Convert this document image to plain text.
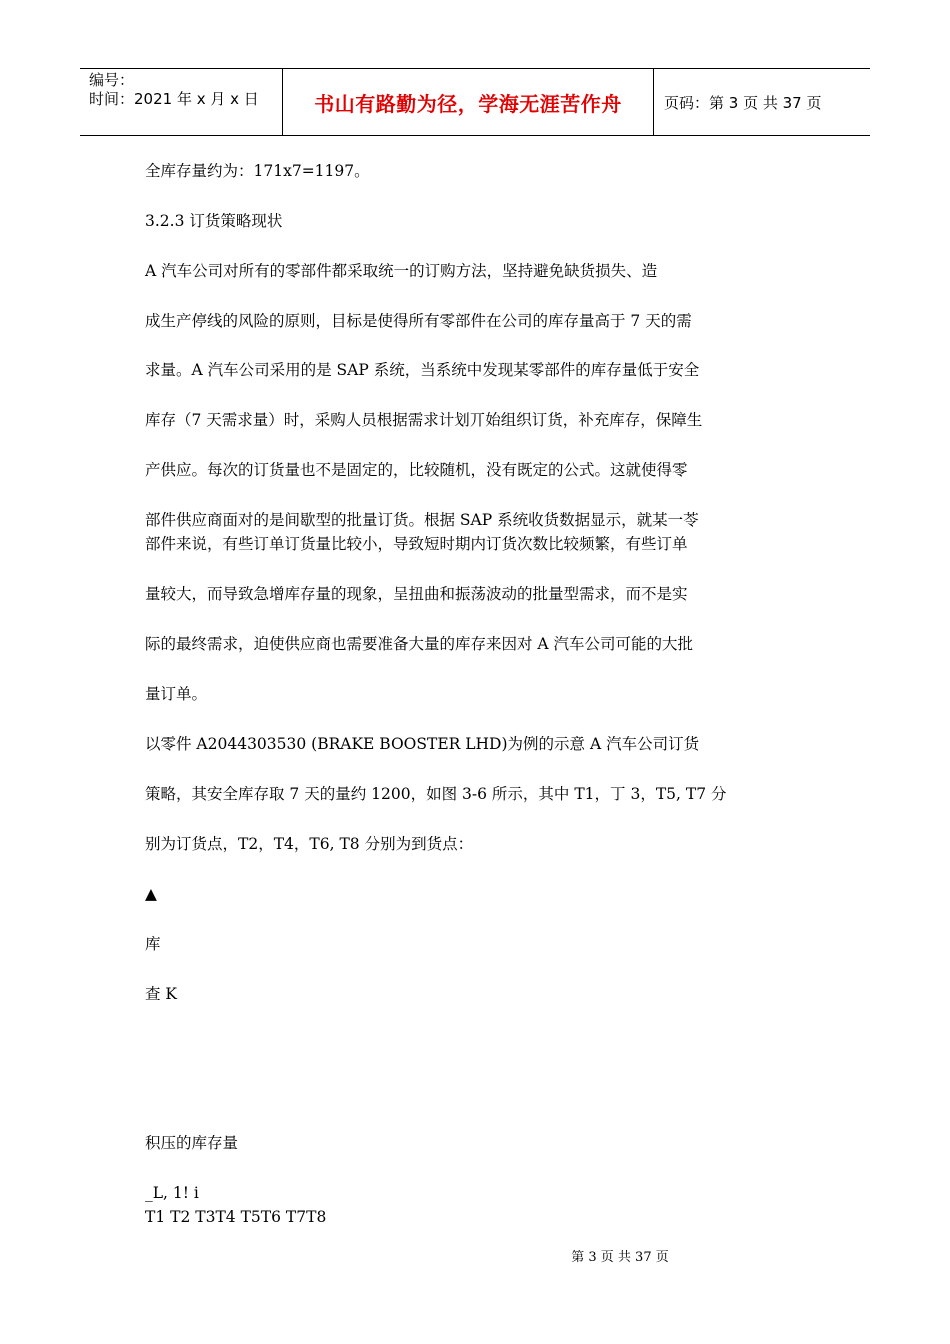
编号：
时间：2021 年 x 月 x 日	书山有路勤为径，学海无涯苦作舟	页码：第 3 页 共 37 页
全库存量约为：171x7=1197。
3.2.3 订货策略现状
A 汽车公司对所有的零部件都采取统一的订购方法，坚持避免缺货损失、造
成生产停线的风险的原则，目标是使得所有零部件在公司的库存量高于 7 天的需
求量。A 汽车公司采用的是 SAP 系统，当系统中发现某零部件的库存量低于安全
库存（7 天需求量）时，采购人员根据需求计划丌始组织订货，补充库存，保障生
产供应。每次的订货量也不是固定的，比较随机，没有既定的公式。这就使得零
部件供应商面对的是间歇型的批量订货。根据 SAP 系统收货数据显示，就某一苓
部件来说，有些订单订货量比较小，导致短时期内订货次数比较频繁，有些订单
量较大，而导致急增库存量的现象，呈扭曲和振荡波动的批量型需求，而不是实
际的最终需求，迫使供应商也需要准备大量的库存来因对 A 汽车公司可能的大批
量订单。
以零件 A2044303530 (BRAKE BOOSTER LHD)为例的示意 A 汽车公司订货
策略，其安全库存取 7 天的量约 1200，如图 3-6 所示，其中 T1，丁 3，T5, T7 分
别为订货点，T2，T4，T6, T8 分别为到货点：
▲
库
查 K
积压的库存量
_L, 1! i
T1 T2 T3T4 T5T6 T7T8
第 3 页 共 37 页
